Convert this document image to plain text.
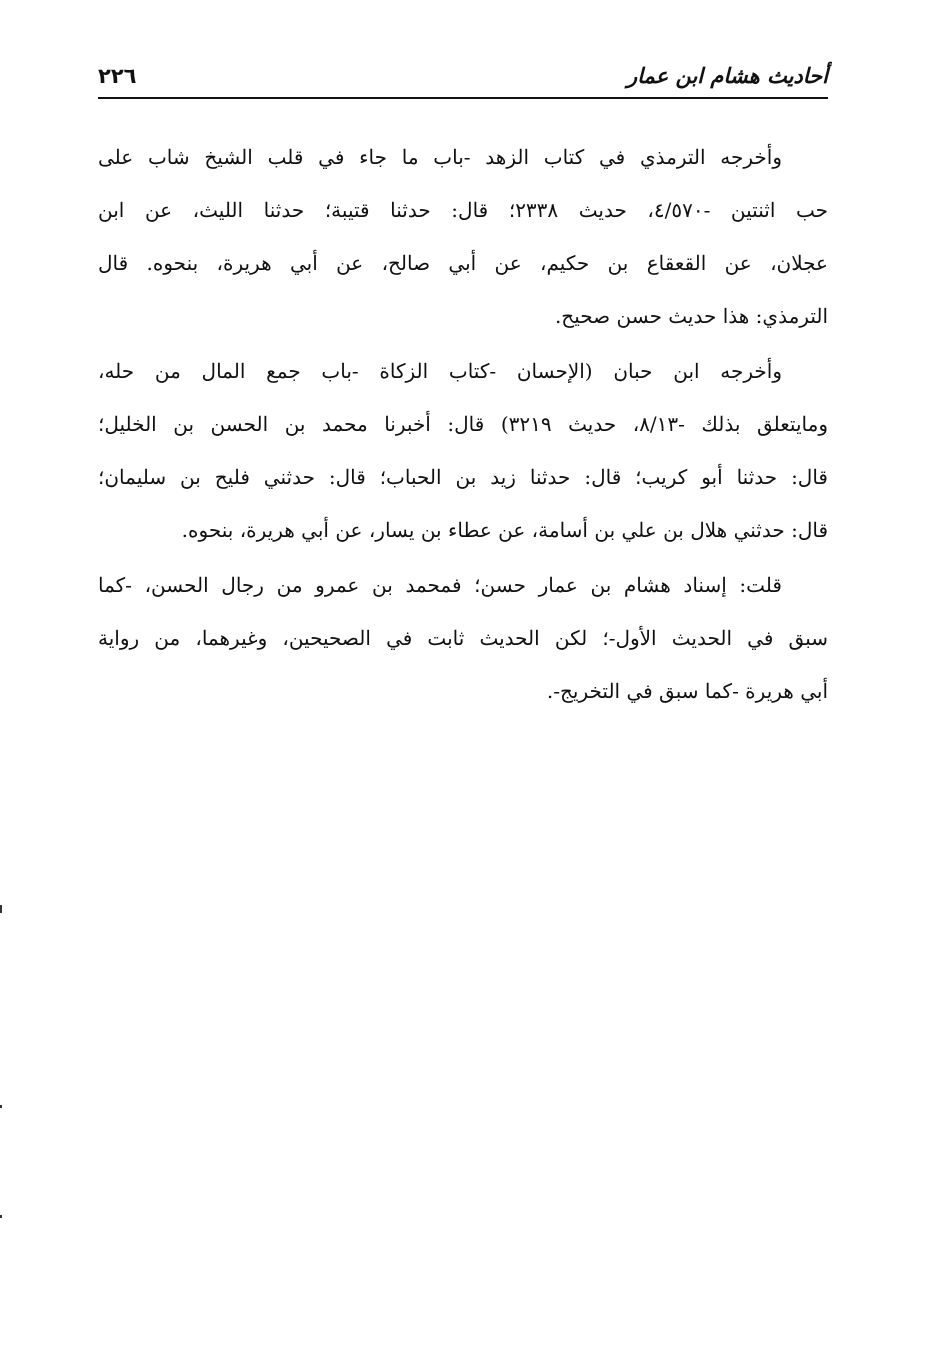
أحاديث هشام ابن عمار
٢٢٦
وأخرجه الترمذي في كتاب الزهد -باب ما جاء في قلب الشيخ شاب على
حب اثنتين -٤/٥٧٠، حديث ٢٣٣٨؛ قال: حدثنا قتيبة؛ حدثنا الليث، عن ابن
عجلان، عن القعقاع بن حكيم، عن أبي صالح، عن أبي هريرة، بنحوه. قال
الترمذي: هذا حديث حسن صحيح.
وأخرجه ابن حبان (الإحسان -كتاب الزكاة -باب جمع المال من حله،
ومايتعلق بذلك -٨/١٣، حديث ٣٢١٩) قال: أخبرنا محمد بن الحسن بن الخليل؛
قال: حدثنا أبو كريب؛ قال: حدثنا زيد بن الحباب؛ قال: حدثني فليح بن سليمان؛
قال: حدثني هلال بن علي بن أسامة، عن عطاء بن يسار، عن أبي هريرة، بنحوه.
قلت: إسناد هشام بن عمار حسن؛ فمحمد بن عمرو من رجال الحسن، -كما
سبق في الحديث الأول-؛ لكن الحديث ثابت في الصحيحين، وغيرهما، من رواية
أبي هريرة -كما سبق في التخريج-.
